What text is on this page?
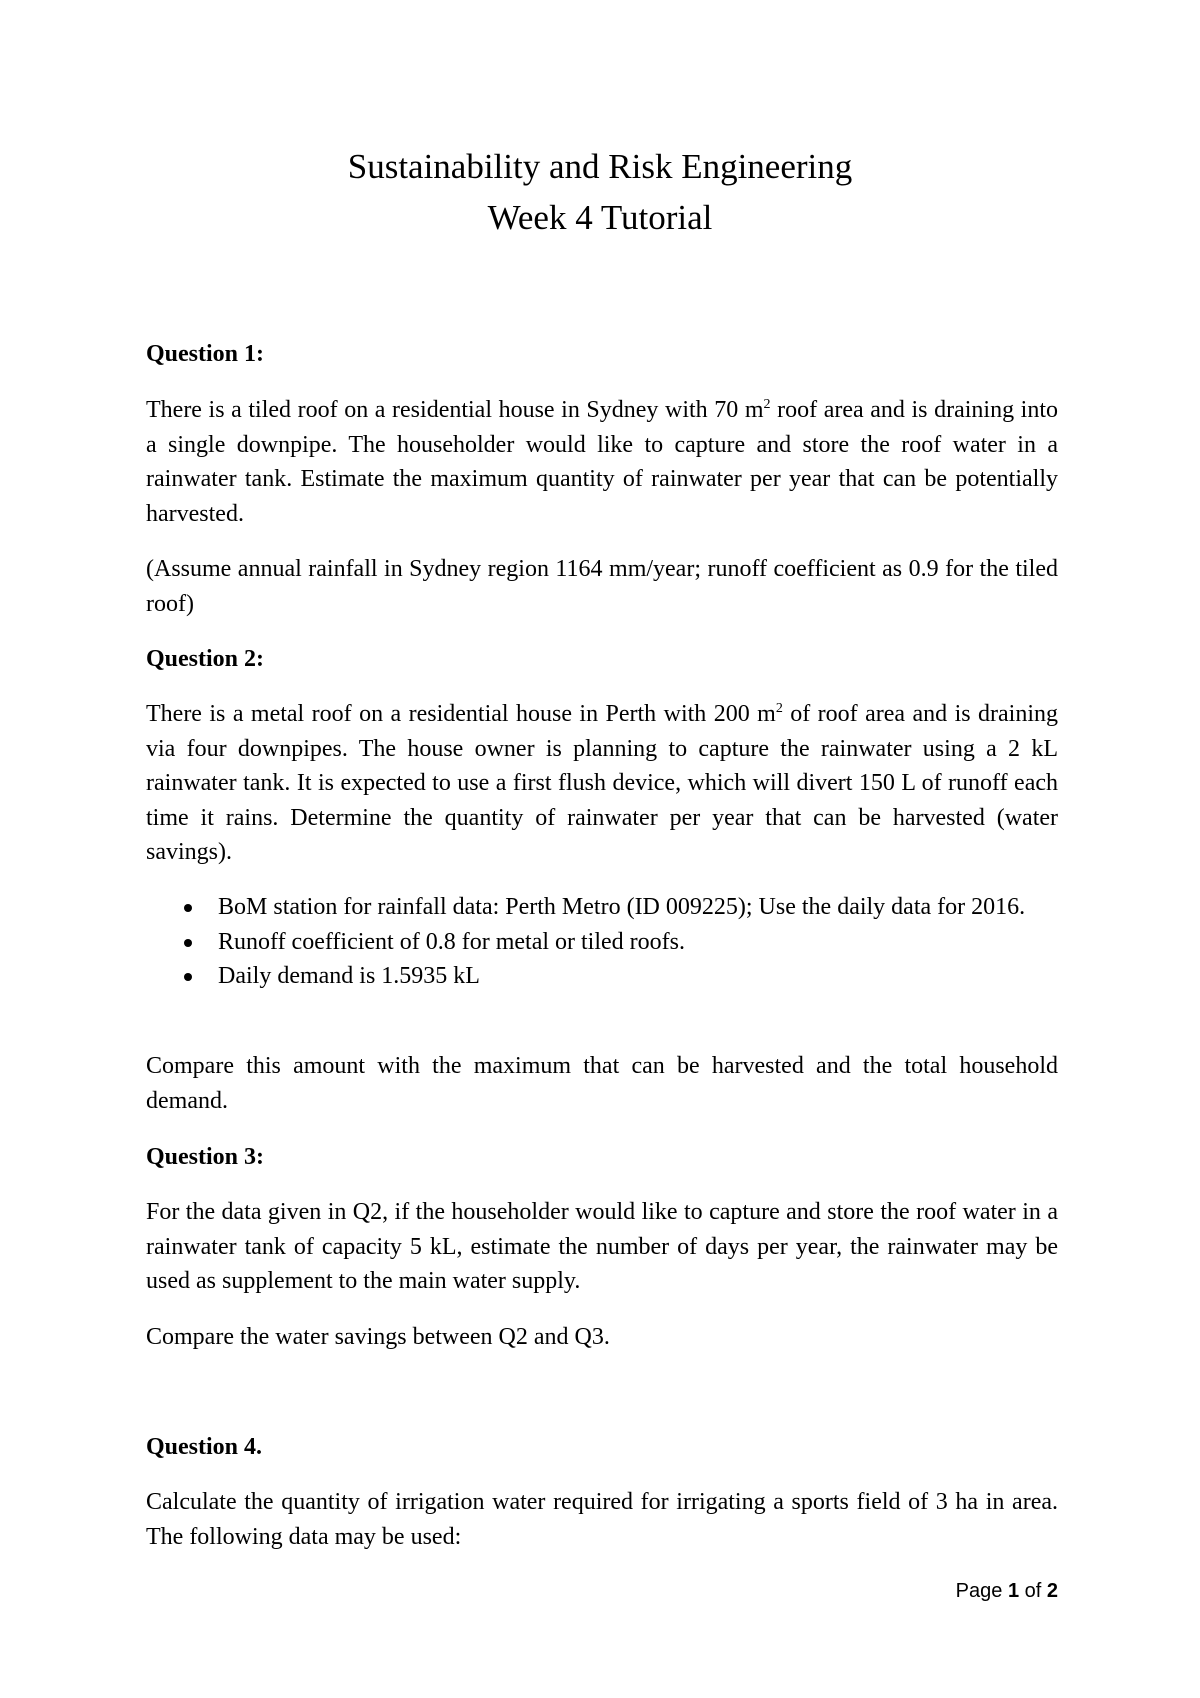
Sustainability and Risk Engineering
Week 4 Tutorial
Question 1:
There is a tiled roof on a residential house in Sydney with 70 $m^2$ roof area and is draining into a single downpipe. The householder would like to capture and store the roof water in a rainwater tank. Estimate the maximum quantity of rainwater per year that can be potentially harvested.
(Assume annual rainfall in Sydney region 1164 mm/year; runoff coefficient as 0.9 for the tiled roof)
Question 2:
There is a metal roof on a residential house in Perth with 200 $m^2$ of roof area and is draining via four downpipes. The house owner is planning to capture the rainwater using a 2 kL rainwater tank. It is expected to use a first flush device, which will divert 150 L of runoff each time it rains. Determine the quantity of rainwater per year that can be harvested (water savings).
BoM station for rainfall data: Perth Metro (ID 009225); Use the daily data for 2016.
Runoff coefficient of 0.8 for metal or tiled roofs.
Daily demand is 1.5935 kL
Compare this amount with the maximum that can be harvested and the total household demand.
Question 3:
For the data given in Q2, if the householder would like to capture and store the roof water in a rainwater tank of capacity 5 kL, estimate the number of days per year, the rainwater may be used as supplement to the main water supply.
Compare the water savings between Q2 and Q3.
Question 4.
Calculate the quantity of irrigation water required for irrigating a sports field of 3 ha in area. The following data may be used:
Page 1 of 2
